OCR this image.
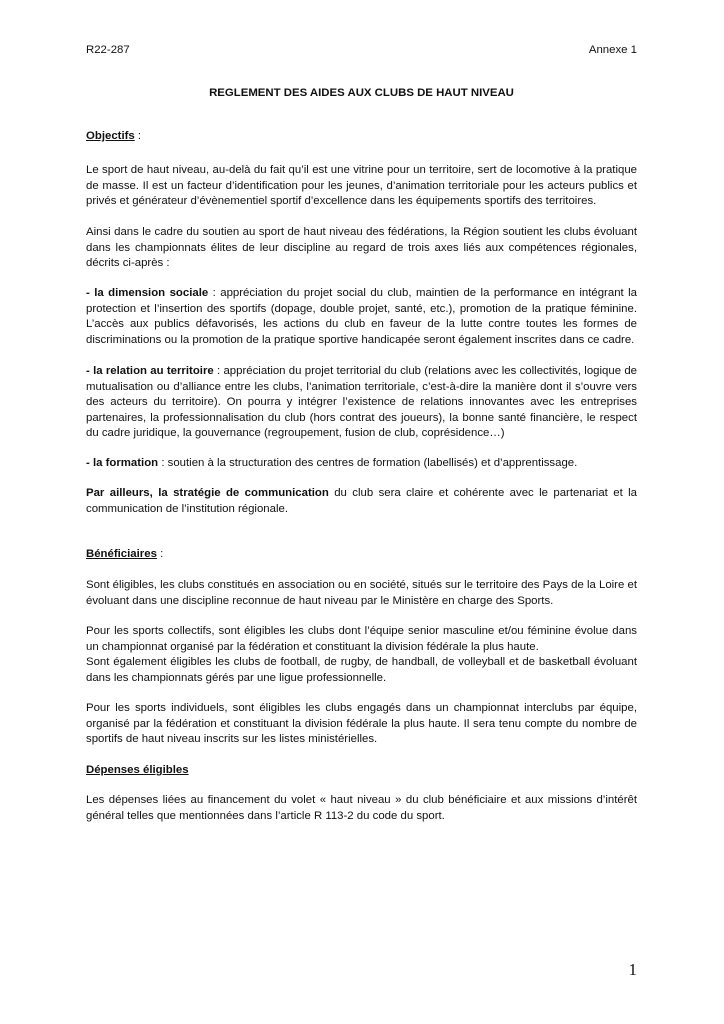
R22-287	Annexe 1
REGLEMENT DES AIDES AUX CLUBS DE HAUT NIVEAU

Objectifs :

Le sport de haut niveau, au-delà du fait qu’il est une vitrine pour un territoire, sert de locomotive à la pratique de masse. Il est un facteur d’identification pour les jeunes, d’animation territoriale pour les acteurs publics et privés et générateur d’évènementiel sportif d’excellence dans les équipements sportifs des territoires.

Ainsi dans le cadre du soutien au sport de haut niveau des fédérations, la Région soutient les clubs évoluant dans les championnats élites de leur discipline au regard de trois axes liés aux compétences régionales, décrits ci-après :

- la dimension sociale : appréciation du projet social du club, maintien de la performance en intégrant la protection et l’insertion des sportifs (dopage, double projet, santé, etc.), promotion de la pratique féminine. L’accès aux publics défavorisés, les actions du club en faveur de la lutte contre toutes les formes de discriminations ou la promotion de la pratique sportive handicapée seront également inscrites dans ce cadre.

- la relation au territoire : appréciation du projet territorial du club (relations avec les collectivités, logique de mutualisation ou d’alliance entre les clubs, l’animation territoriale, c’est-à-dire la manière dont il s’ouvre vers des acteurs du territoire). On pourra y intégrer l’existence de relations innovantes avec les entreprises partenaires, la professionnalisation du club (hors contrat des joueurs), la bonne santé financière, le respect du cadre juridique, la gouvernance (regroupement, fusion de club, coprésidence…)

- la formation : soutien à la structuration des centres de formation (labellisés) et d’apprentissage.

Par ailleurs, la stratégie de communication du club sera claire et cohérente avec le partenariat et la communication de l’institution régionale.

Bénéficiaires :

Sont éligibles, les clubs constitués en association ou en société, situés sur le territoire des Pays de la Loire et évoluant dans une discipline reconnue de haut niveau par le Ministère en charge des Sports.

Pour les sports collectifs, sont éligibles les clubs dont l’équipe senior masculine et/ou féminine évolue dans un championnat organisé par la fédération et constituant la division fédérale la plus haute.
Sont également éligibles les clubs de football, de rugby, de handball, de volleyball et de basketball évoluant dans les championnats gérés par une ligue professionnelle.

Pour les sports individuels, sont éligibles les clubs engagés dans un championnat interclubs par équipe, organisé par la fédération et constituant la division fédérale la plus haute. Il sera tenu compte du nombre de sportifs de haut niveau inscrits sur les listes ministérielles.

Dépenses éligibles

Les dépenses liées au financement du volet « haut niveau » du club bénéficiaire et aux missions d’intérêt général telles que mentionnées dans l’article R 113-2 du code du sport.

1
